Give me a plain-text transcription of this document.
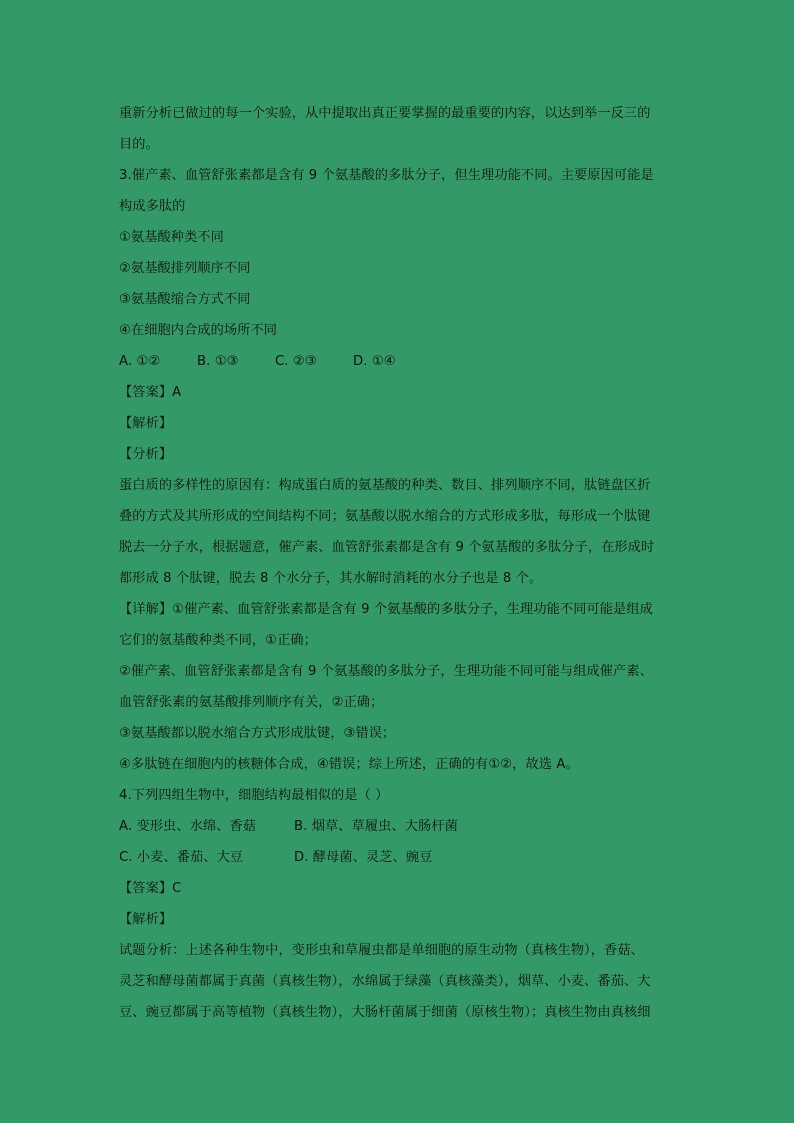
重新分析已做过的每一个实验，从中提取出真正要掌握的最重要的内容，以达到举一反三的
目的。
3.催产素、血管舒张素都是含有 9 个氨基酸的多肽分子，但生理功能不同。主要原因可能是
构成多肽的
①氨基酸种类不同
②氨基酸排列顺序不同
③氨基酸缩合方式不同
④在细胞内合成的场所不同
A. ①②	B. ①③	C. ②③	D. ①④
【答案】A
【解析】
【分析】
蛋白质的多样性的原因有：构成蛋白质的氨基酸的种类、数目、排列顺序不同，肽链盘区折
叠的方式及其所形成的空间结构不同；氨基酸以脱水缩合的方式形成多肽，每形成一个肽键
脱去一分子水，根据题意，催产素、血管舒张素都是含有 9 个氨基酸的多肽分子，在形成时
都形成 8 个肽键，脱去 8 个水分子，其水解时消耗的水分子也是 8 个。
【详解】①催产素、血管舒张素都是含有 9 个氨基酸的多肽分子，生理功能不同可能是组成
它们的氨基酸种类不同，①正确；
②催产素、血管舒张素都是含有 9 个氨基酸的多肽分子，生理功能不同可能与组成催产素、
血管舒张素的氨基酸排列顺序有关，②正确；
③氨基酸都以脱水缩合方式形成肽键，③错误；
④多肽链在细胞内的核糖体合成，④错误；综上所述，正确的有①②，故选 A。
4.下列四组生物中，细胞结构最相似的是（ ）
A. 变形虫、水绵、香菇	B. 烟草、草履虫、大肠杆菌
C. 小麦、番茄、大豆	D. 酵母菌、灵芝、豌豆
【答案】C
【解析】
试题分析：上述各种生物中，变形虫和草履虫都是单细胞的原生动物（真核生物），香菇、
灵芝和酵母菌都属于真菌（真核生物），水绵属于绿藻（真核藻类），烟草、小麦、番茄、大
豆、豌豆都属于高等植物（真核生物），大肠杆菌属于细菌（原核生物）；真核生物由真核细
